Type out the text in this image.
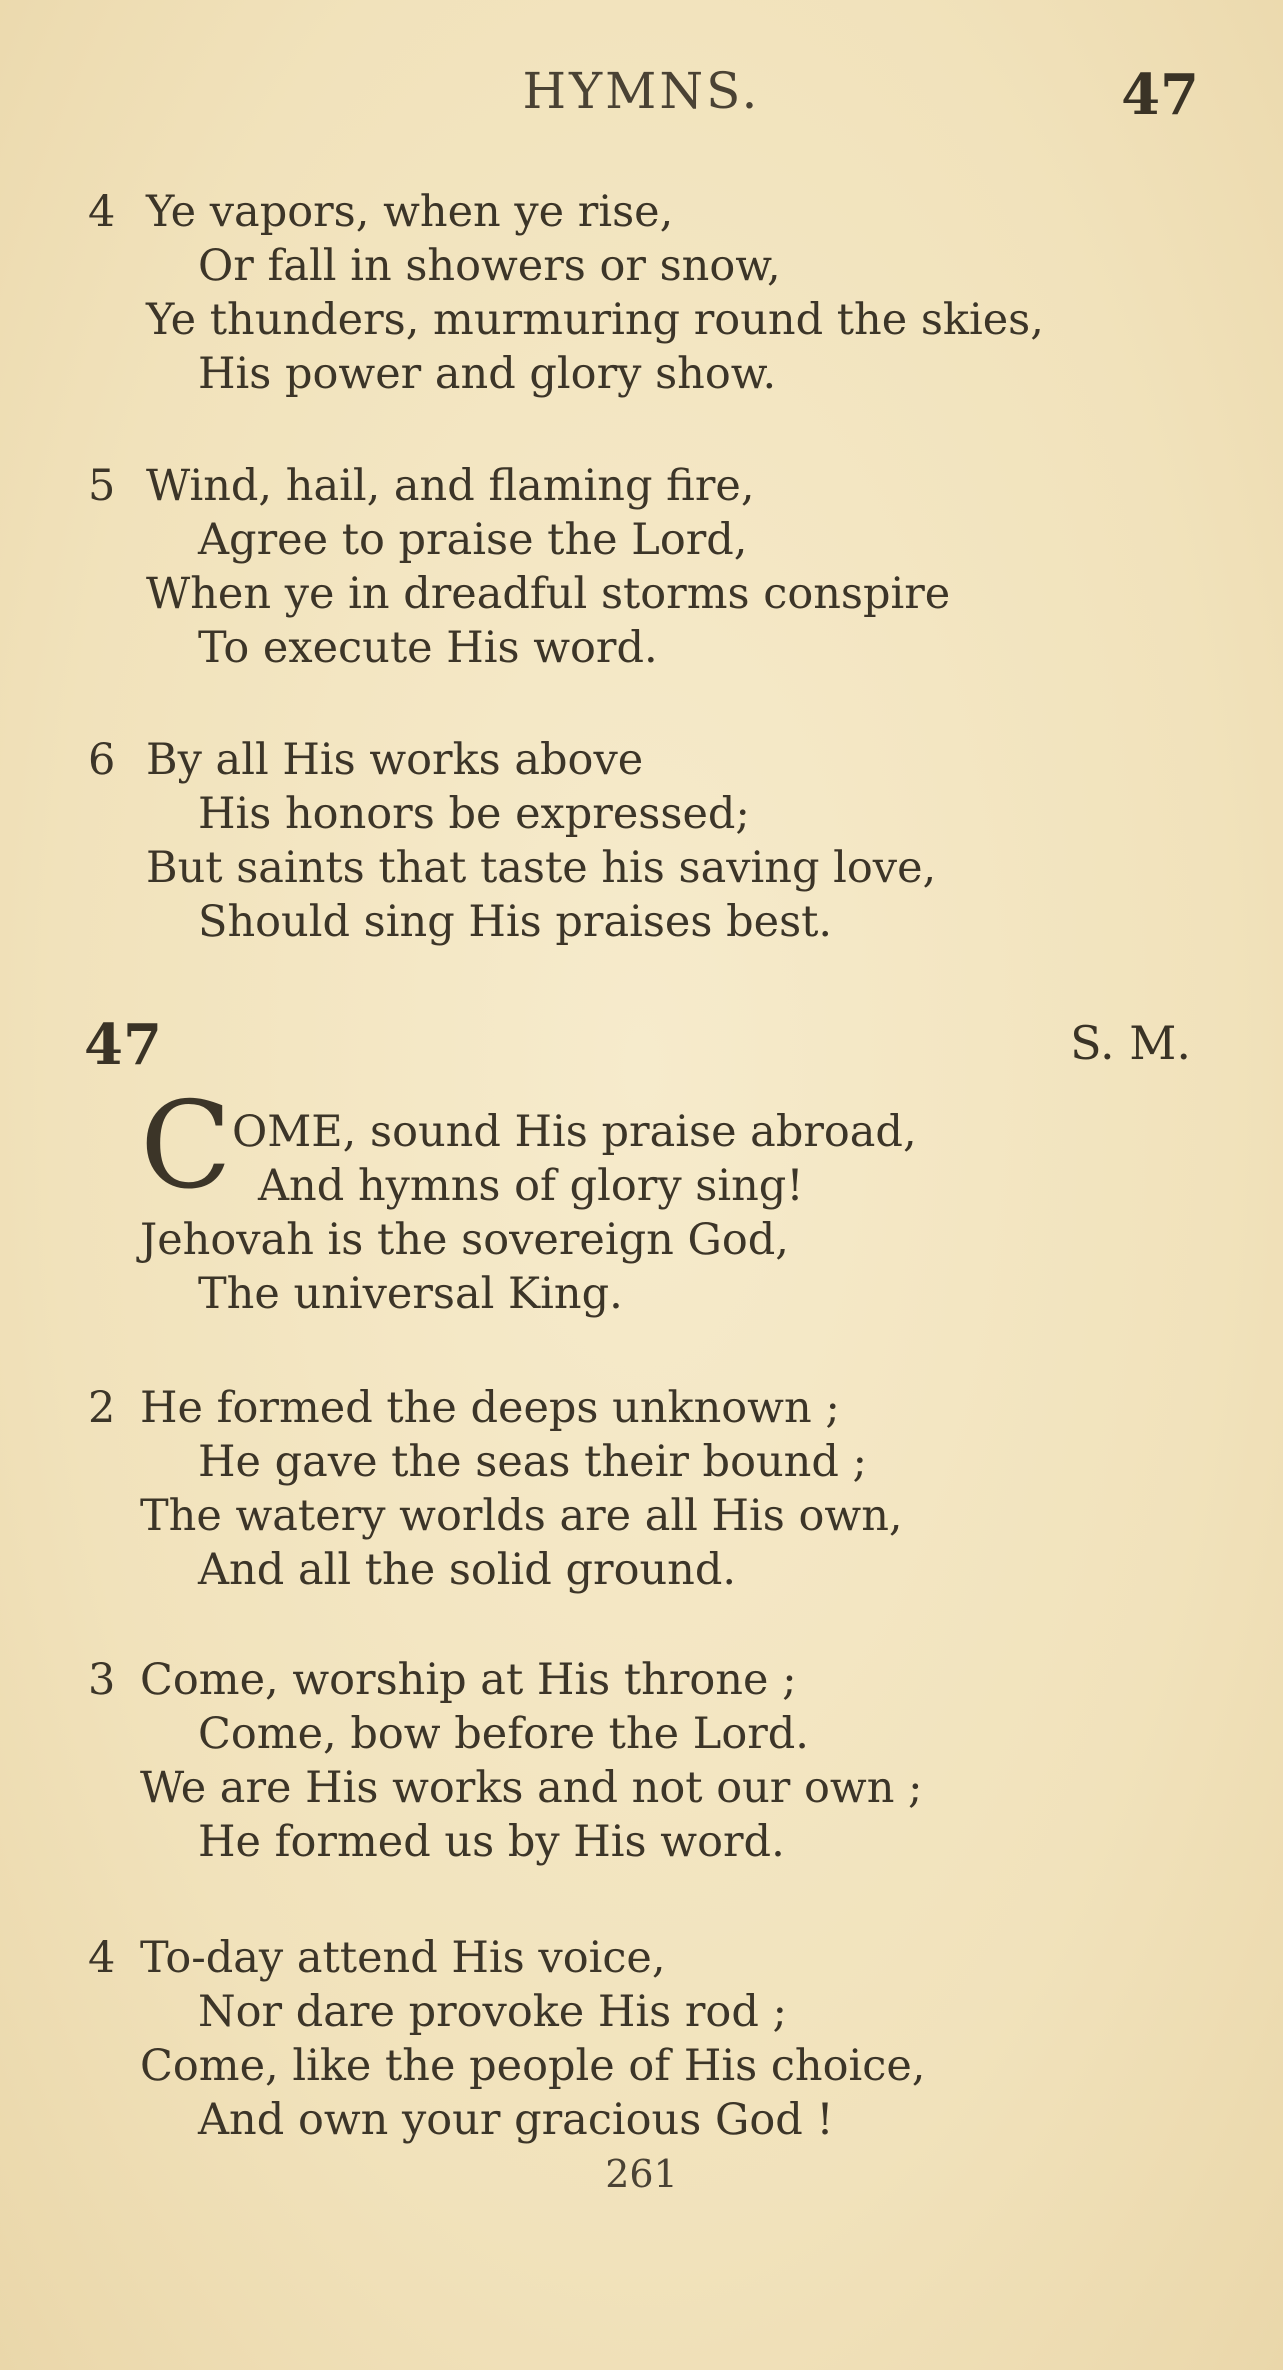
HYMNS.	47
4 Ye vapors, when ye rise,
Or fall in showers or snow,
Ye thunders, murmuring round the skies,
His power and glory show.
5 Wind, hail, and flaming fire,
Agree to praise the Lord,
When ye in dreadful storms conspire
To execute His word.
6 By all His works above
His honors be expressed;
But saints that taste his saving love,
Should sing His praises best.
47	S. M.
C OME, sound His praise abroad,
And hymns of glory sing!
Jehovah is the sovereign God,
The universal King.
2 He formed the deeps unknown ;
He gave the seas their bound ;
The watery worlds are all His own,
And all the solid ground.
3 Come, worship at His throne ;
Come, bow before the Lord.
We are His works and not our own ;
He formed us by His word.
4 To-day attend His voice,
Nor dare provoke His rod ;
Come, like the people of His choice,
And own your gracious God !
261
